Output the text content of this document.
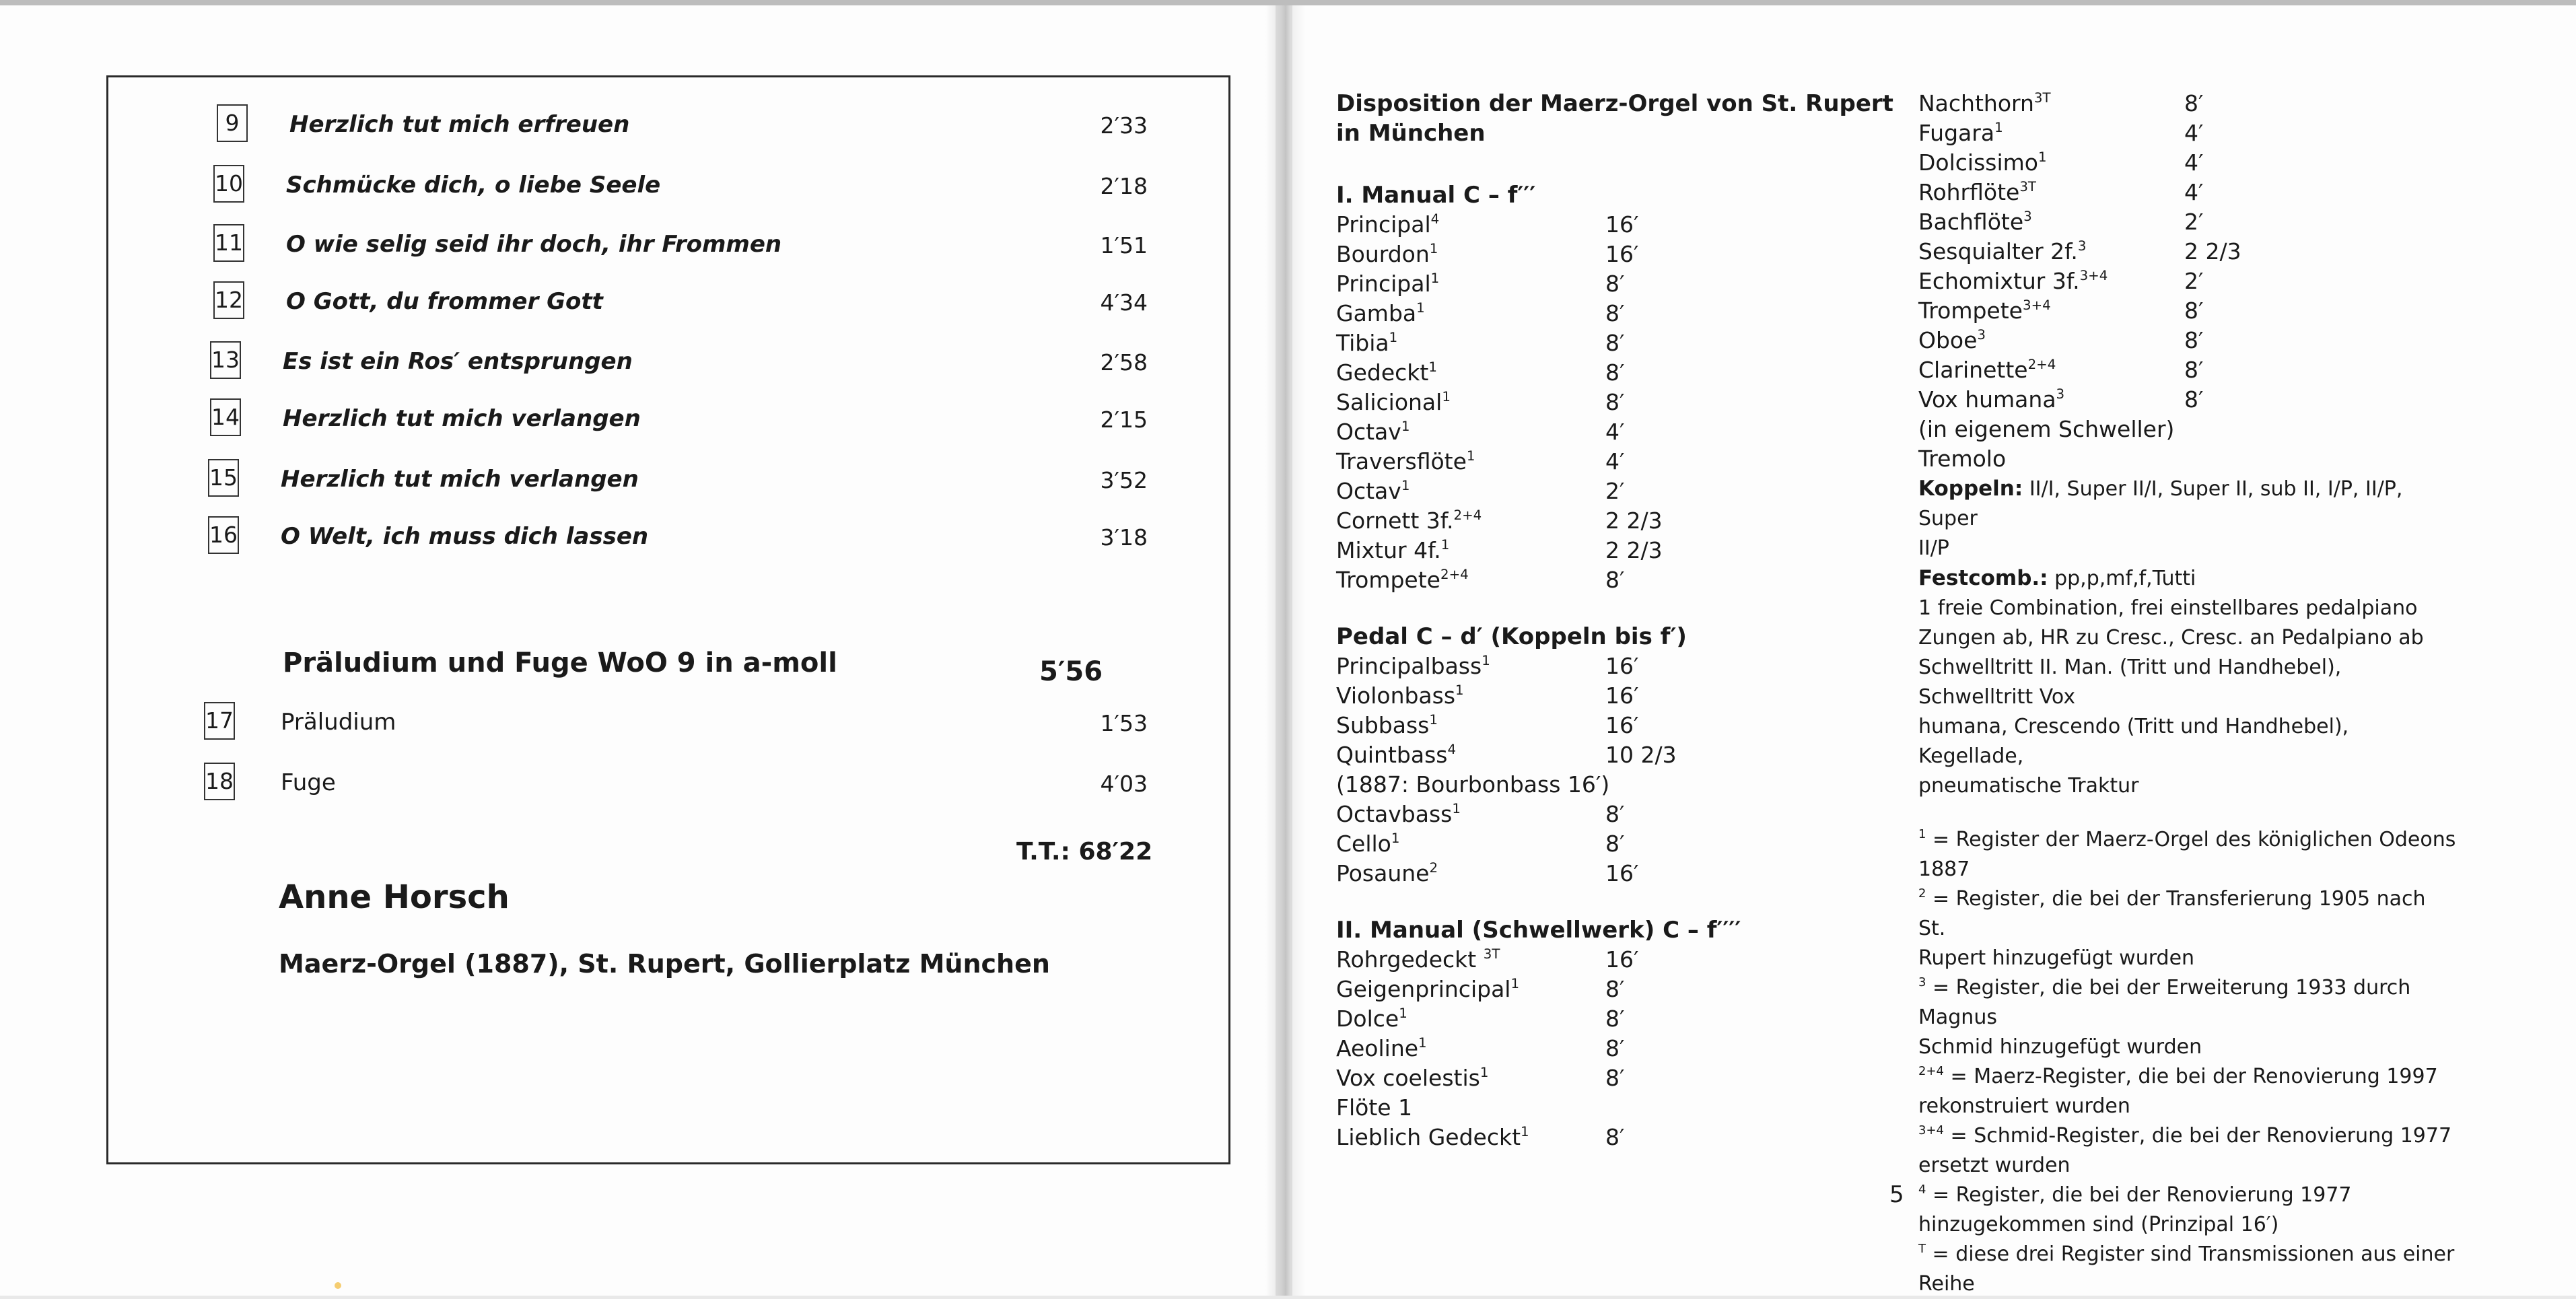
9	Herzlich tut mich erfreuen	2′33
10 Schmücke dich, o liebe Seele	2′18
11 O wie selig seid ihr doch, ihr Frommen	1′51
12 O Gott, du frommer Gott	4′34
13 Es ist ein Ros′ entsprungen	2′58
14 Herzlich tut mich verlangen	2′15
15 Herzlich tut mich verlangen	3′52
16 O Welt, ich muss dich lassen	3′18
Präludium und Fuge WoO 9 in a-moll	5′56
17 Präludium	1′53
18 Fuge	4′03
T.T.: 68′22
Anne Horsch
Maerz-Orgel (1887), St. Rupert, Gollierplatz München
Disposition der Maerz-Orgel von St. Rupert
in München
I. Manual C – f′′′
Principal$^4$	16′
Bourdon$^1$	16′
Principal$^1$	8′
Gamba$^1$	8′
Tibia$^1$	8′
Gedeckt$^1$	8′
Salicional$^1$	8′
Octav$^1$	4′
Traversflöte$^1$	4′
Octav$^1$	2′
Cornett 3f.$^{2+4}$	2 2/3
Mixtur 4f.$^1$	2 2/3
Trompete$^{2+4}$	8′
Pedal C – d′ (Koppeln bis f′)
Principalbass$^1$	16′
Violonbass$^1$	16′
Subbass$^1$	16′
Quintbass$^4$	10 2/3
(1887: Bourbonbass 16′)
Octavbass$^1$	8′
Cello$^1$	8′
Posaune$^2$	16′
II. Manual (Schwellwerk) C – f′′′′
Rohrgedeckt $^{3T}$	16′
Geigenprincipal$^1$	8′
Dolce$^1$	8′
Aeoline$^1$	8′
Vox coelestis$^1$	8′
Flöte 1
Lieblich Gedeckt$^1$	8′
Nachthorn$^{3T}$	8′
Fugara$^1$	4′
Dolcissimo$^1$	4′
Rohrflöte$^{3T}$	4′
Bachflöte$^3$	2′
Sesquialter 2f.$^3$	2 2/3
Echomixtur 3f.$^{3+4}$	2′
Trompete$^{3+4}$	8′
Oboe$^3$	8′
Clarinette$^{2+4}$	8′
Vox humana$^3$	8′
(in eigenem Schweller)
Tremolo
Koppeln: II/I, Super II/I, Super II, sub II, I/P, II/P, Super
II/P
Festcomb.: pp,p,mf,f,Tutti
1 freie Combination, frei einstellbares pedalpiano
Zungen ab, HR zu Cresc., Cresc. an Pedalpiano ab
Schwelltritt II. Man. (Tritt und Handhebel), Schwelltritt Vox
humana, Crescendo (Tritt und Handhebel), Kegellade,
pneumatische Traktur
$^1$ = Register der Maerz-Orgel des königlichen Odeons
1887
$^2$ = Register, die bei der Transferierung 1905 nach St.
Rupert hinzugefügt wurden
$^3$ = Register, die bei der Erweiterung 1933 durch Magnus
Schmid hinzugefügt wurden
$^{2+4}$ = Maerz-Register, die bei der Renovierung 1997
rekonstruiert wurden
$^{3+4}$ = Schmid-Register, die bei der Renovierung 1977
ersetzt wurden
$^4$ = Register, die bei der Renovierung 1977
hinzugekommen sind (Prinzipal 16′)
$^T$ = diese drei Register sind Transmissionen aus einer Reihe
5
